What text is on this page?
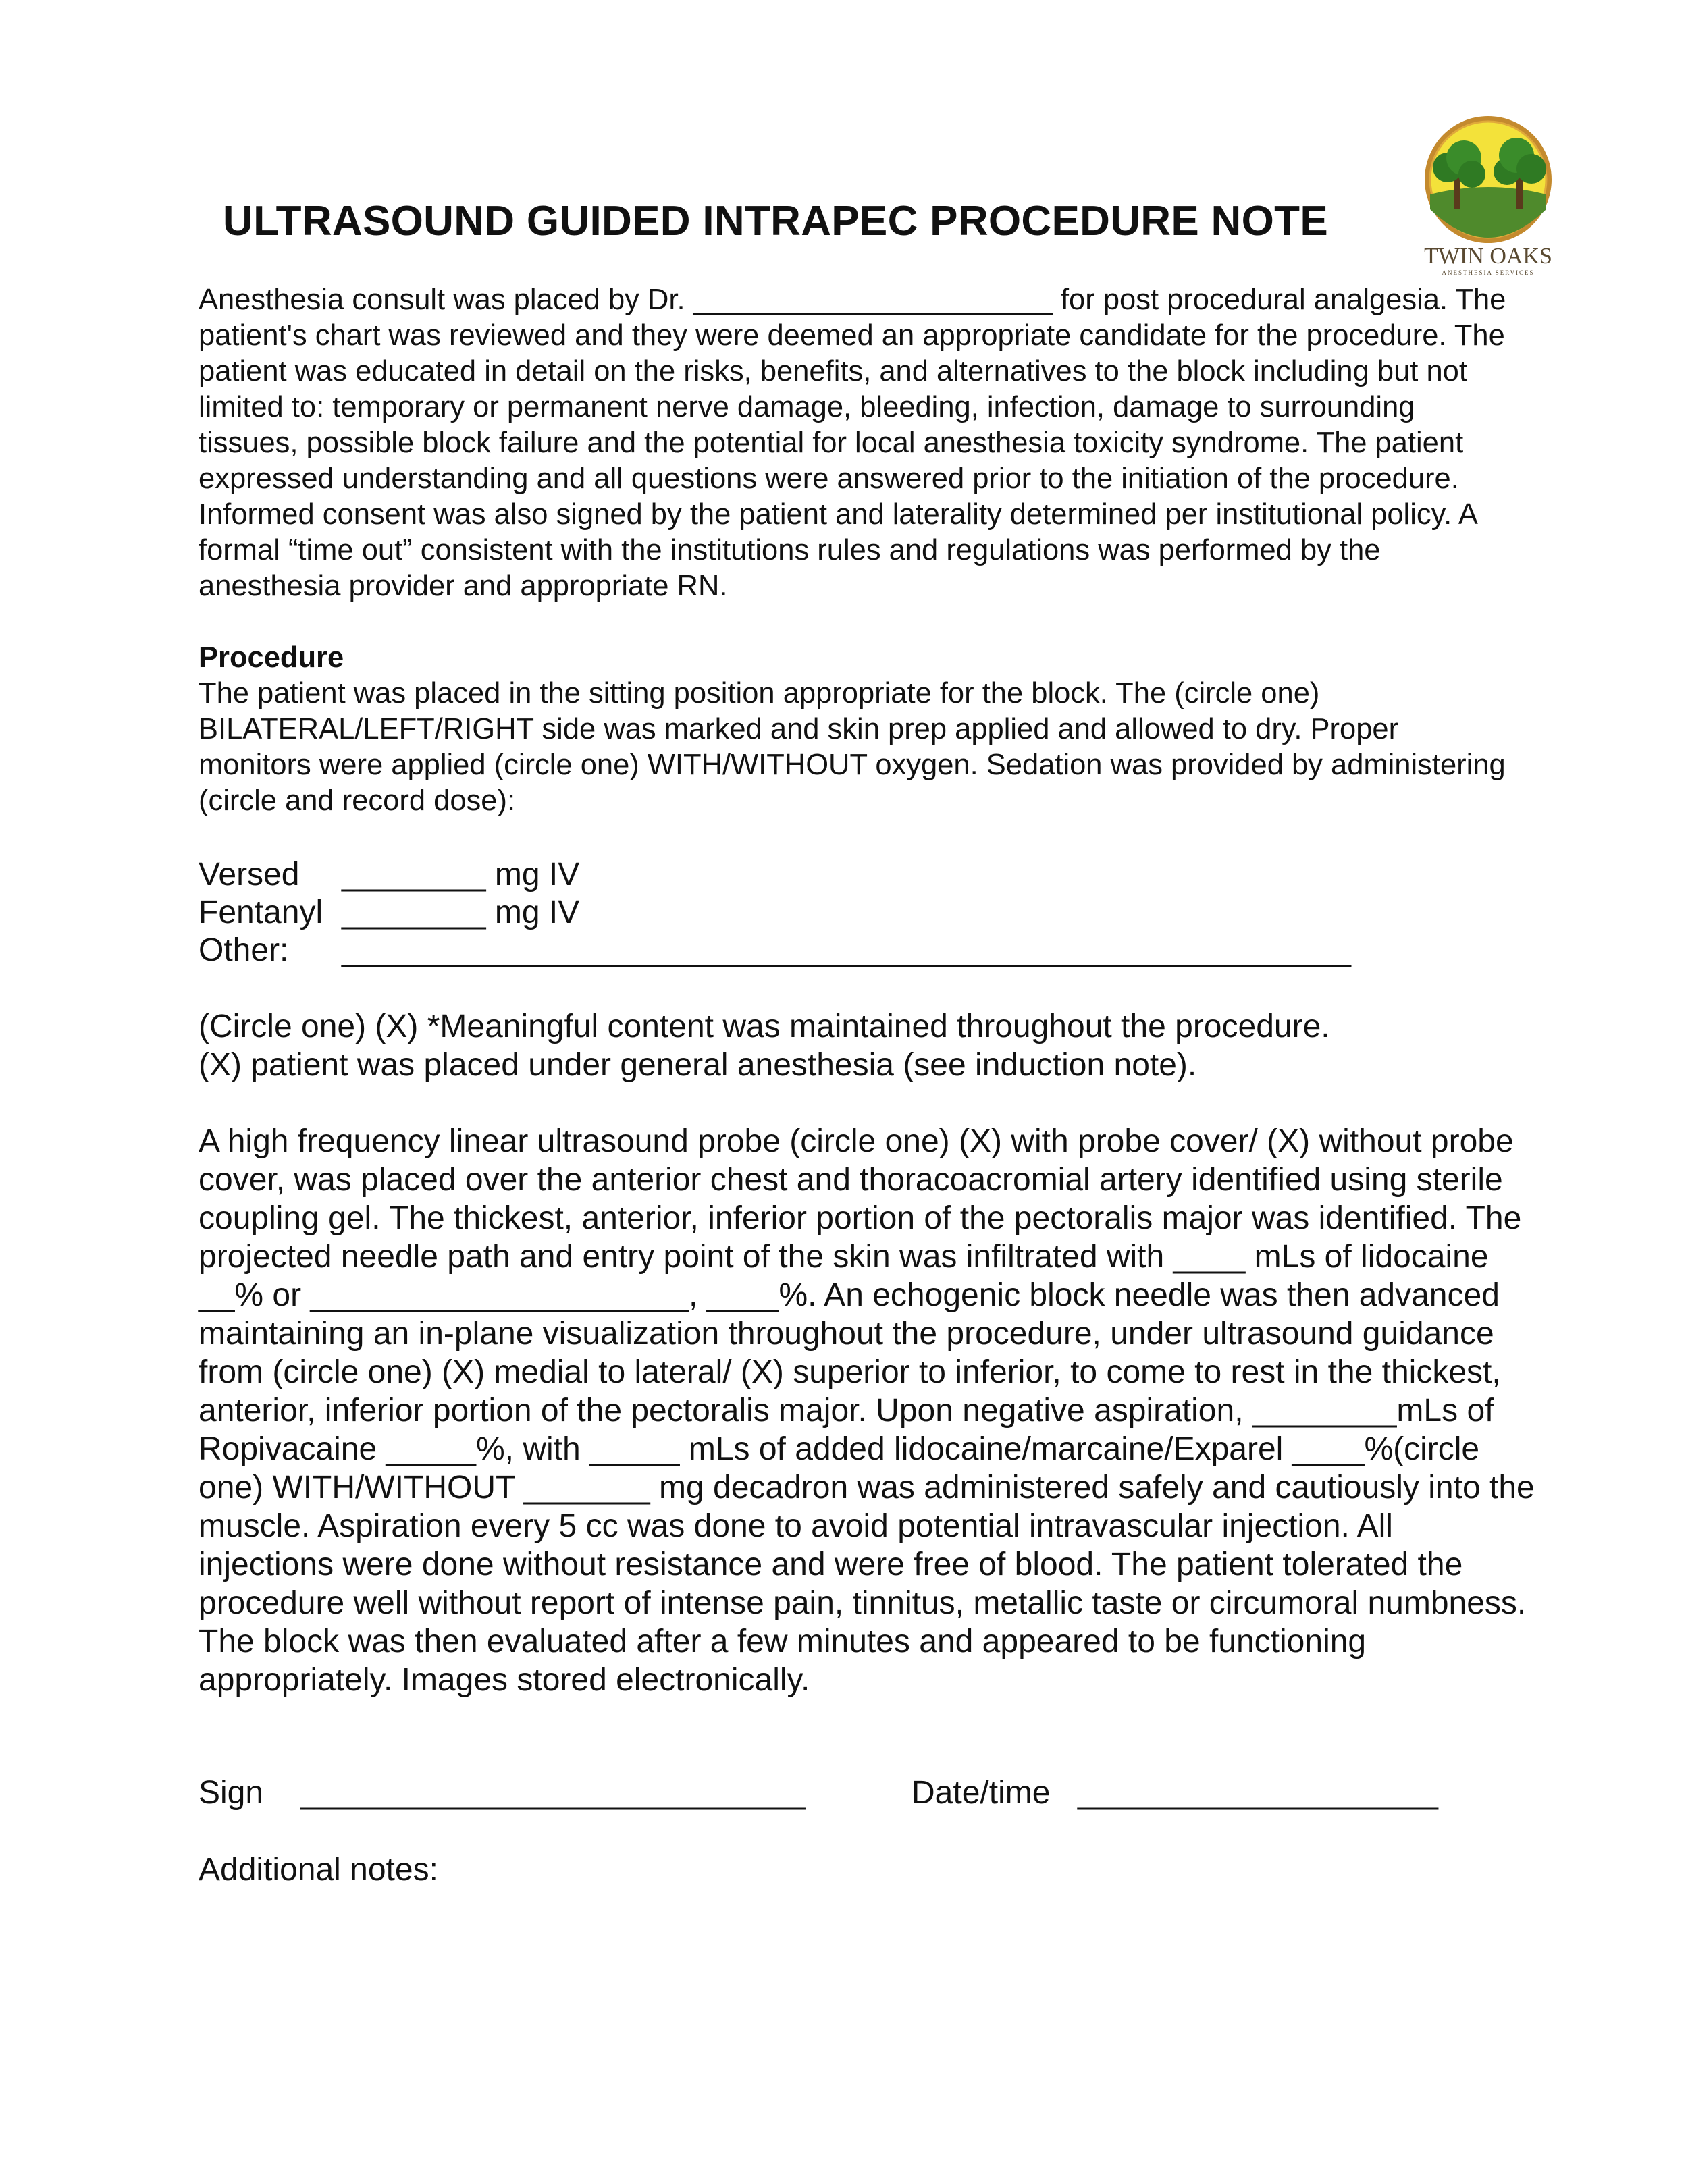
TWIN OAKS
ANESTHESIA SERVICES
ULTRASOUND GUIDED INTRAPEC PROCEDURE NOTE

Anesthesia consult was placed by Dr. ______________________ for post procedural analgesia. The patient's chart was reviewed and they were deemed an appropriate candidate for the procedure. The patient was educated in detail on the risks, benefits, and alternatives to the block including but not limited to: temporary or permanent nerve damage, bleeding, infection, damage to surrounding tissues, possible block failure and the potential for local anesthesia toxicity syndrome. The patient expressed understanding and all questions were answered prior to the initiation of the procedure. Informed consent was also signed by the patient and laterality determined per institutional policy. A formal “time out” consistent with the institutions rules and regulations was performed by the anesthesia provider and appropriate RN.

Procedure

The patient was placed in the sitting position appropriate for the block. The (circle one) BILATERAL/LEFT/RIGHT side was marked and skin prep applied and allowed to dry. Proper monitors were applied (circle one) WITH/WITHOUT oxygen. Sedation was provided by administering (circle and record dose):

Versed ________ mg IV
Fentanyl ________ mg IV
Other: ________________________________________________________
(Circle one) (X) *Meaningful content was maintained throughout the procedure.
(X) patient was placed under general anesthesia (see induction note).

A high frequency linear ultrasound probe (circle one) (X) with probe cover/ (X) without probe cover, was placed over the anterior chest and thoracoacromial artery identified using sterile coupling gel. The thickest, anterior, inferior portion of the pectoralis major was identified. The projected needle path and entry point of the skin was infiltrated with ____ mLs of lidocaine __% or _____________________, ____%. An echogenic block needle was then advanced maintaining an in-plane visualization throughout the procedure, under ultrasound guidance from (circle one) (X) medial to lateral/ (X) superior to inferior, to come to rest in the thickest, anterior, inferior portion of the pectoralis major. Upon negative aspiration, ________mLs of Ropivacaine _____%, with _____ mLs of added lidocaine/marcaine/Exparel ____%(circle one) WITH/WITHOUT _______ mg decadron was administered safely and cautiously into the muscle. Aspiration every 5 cc was done to avoid potential intravascular injection. All injections were done without resistance and were free of blood. The patient tolerated the procedure well without report of intense pain, tinnitus, metallic taste or circumoral numbness. The block was then evaluated after a few minutes and appeared to be functioning appropriately. Images stored electronically.

Sign ____________________________	Date/time ____________________

Additional notes:
